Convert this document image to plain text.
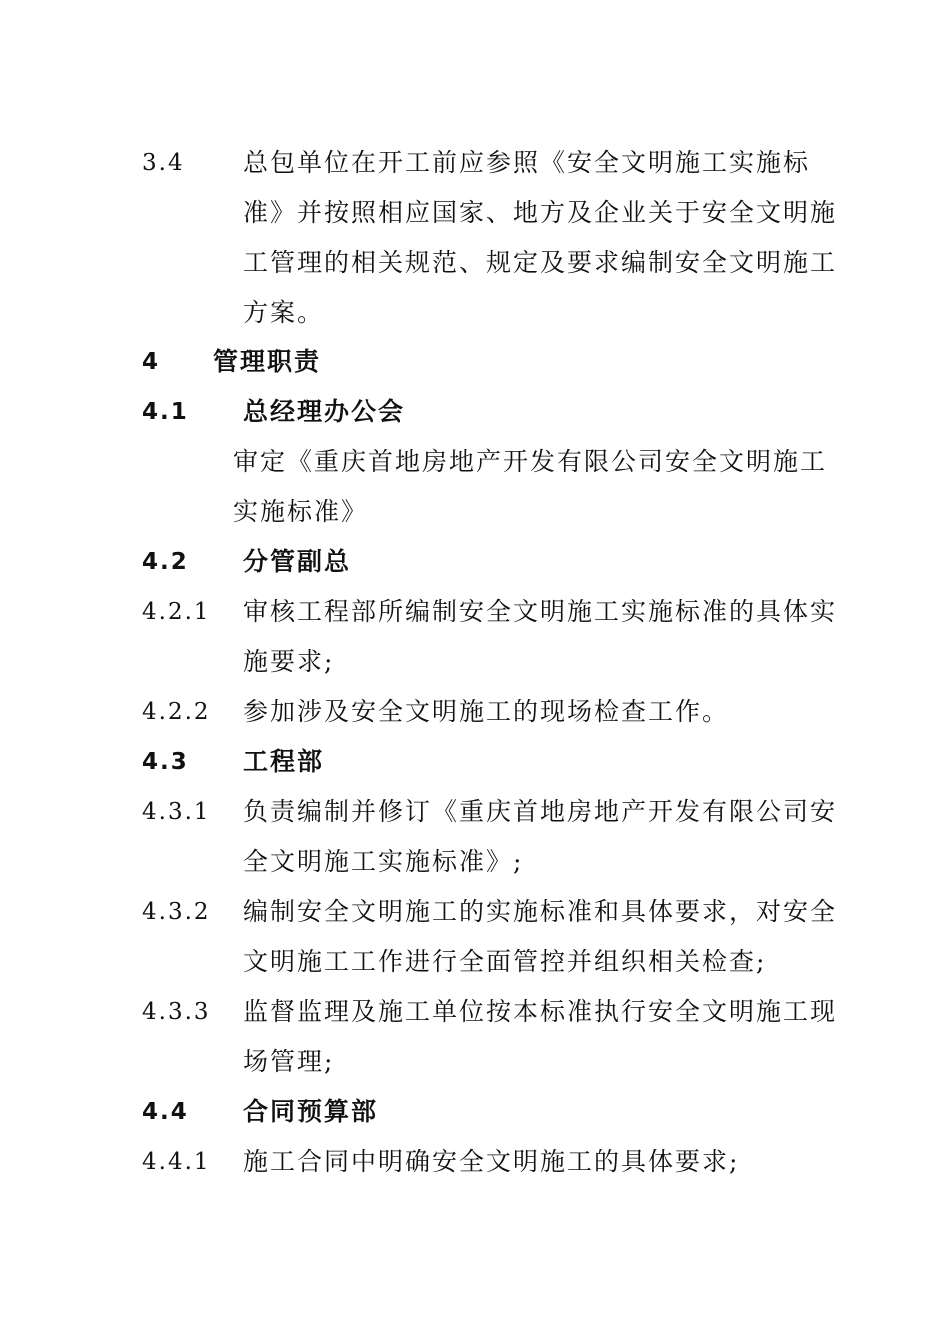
3.4 总包单位在开工前应参照《安全文明施工实施标
准》并按照相应国家、地方及企业关于安全文明施
工管理的相关规范、规定及要求编制安全文明施工
方案。
4 管理职责
4.1 总经理办公会
审定《重庆首地房地产开发有限公司安全文明施工
实施标准》
4.2 分管副总
4.2.1 审核工程部所编制安全文明施工实施标准的具体实
施要求;
4.2.2 参加涉及安全文明施工的现场检查工作。
4.3 工程部
4.3.1 负责编制并修订《重庆首地房地产开发有限公司安
全文明施工实施标准》;
4.3.2 编制安全文明施工的实施标准和具体要求，对安全
文明施工工作进行全面管控并组织相关检查;
4.3.3 监督监理及施工单位按本标准执行安全文明施工现
场管理;
4.4 合同预算部
4.4.1 施工合同中明确安全文明施工的具体要求;
